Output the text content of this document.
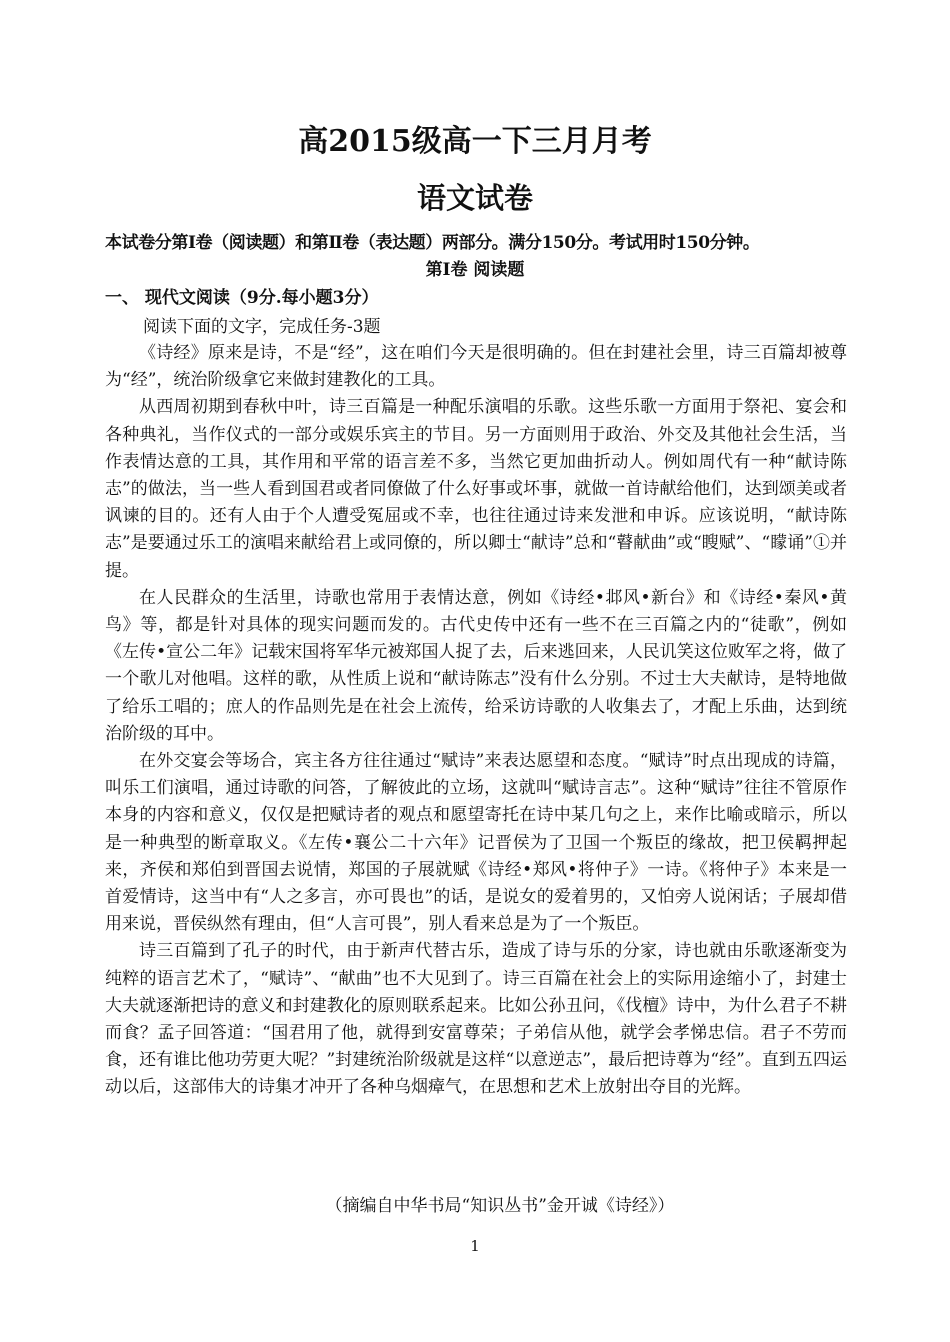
高2015级高一下三月月考
语文试卷
本试卷分第Ⅰ卷（阅读题）和第Ⅱ卷（表达题）两部分。满分150分。考试用时150分钟。
第Ⅰ卷 阅读题
一、 现代文阅读（9分.每小题3分）
阅读下面的文字，完成任务-3题

《诗经》原来是诗，不是“经”，这在咱们今天是很明确的。但在封建社会里，诗三百篇却被尊为“经”，统治阶级拿它来做封建教化的工具。

从西周初期到春秋中叶，诗三百篇是一种配乐演唱的乐歌。这些乐歌一方面用于祭祀、宴会和各种典礼，当作仪式的一部分或娱乐宾主的节目。另一方面则用于政治、外交及其他社会生活，当作表情达意的工具，其作用和平常的语言差不多，当然它更加曲折动人。例如周代有一种“献诗陈志”的做法，当一些人看到国君或者同僚做了什么好事或坏事，就做一首诗献给他们，达到颂美或者讽谏的目的。还有人由于个人遭受冤屈或不幸，也往往通过诗来发泄和申诉。应该说明，“献诗陈志”是要通过乐工的演唱来献给君上或同僚的，所以卿士“献诗”总和“瞽献曲”或“瞍赋”、“矇诵”①并提。

在人民群众的生活里，诗歌也常用于表情达意，例如《诗经•邶风•新台》和《诗经•秦风•黄鸟》等，都是针对具体的现实问题而发的。古代史传中还有一些不在三百篇之内的“徒歌”，例如《左传•宣公二年》记载宋国将军华元被郑国人捉了去，后来逃回来，人民讥笑这位败军之将，做了一个歌儿对他唱。这样的歌，从性质上说和“献诗陈志”没有什么分别。不过士大夫献诗，是特地做了给乐工唱的；庶人的作品则先是在社会上流传，给采访诗歌的人收集去了，才配上乐曲，达到统治阶级的耳中。

在外交宴会等场合，宾主各方往往通过“赋诗”来表达愿望和态度。“赋诗”时点出现成的诗篇，叫乐工们演唱，通过诗歌的问答，了解彼此的立场，这就叫“赋诗言志”。这种“赋诗”往往不管原作本身的内容和意义，仅仅是把赋诗者的观点和愿望寄托在诗中某几句之上，来作比喻或暗示，所以是一种典型的断章取义。《左传•襄公二十六年》记晋侯为了卫国一个叛臣的缘故，把卫侯羁押起来，齐侯和郑伯到晋国去说情，郑国的子展就赋《诗经•郑风•将仲子》一诗。《将仲子》本来是一首爱情诗，这当中有“人之多言，亦可畏也”的话，是说女的爱着男的，又怕旁人说闲话；子展却借用来说，晋侯纵然有理由，但“人言可畏”，别人看来总是为了一个叛臣。

诗三百篇到了孔子的时代，由于新声代替古乐，造成了诗与乐的分家，诗也就由乐歌逐渐变为纯粹的语言艺术了，“赋诗”、“献曲”也不大见到了。诗三百篇在社会上的实际用途缩小了，封建士大夫就逐渐把诗的意义和封建教化的原则联系起来。比如公孙丑问，《伐檀》诗中，为什么君子不耕而食？孟子回答道：“国君用了他，就得到安富尊荣；子弟信从他，就学会孝悌忠信。君子不劳而食，还有谁比他功劳更大呢？”封建统治阶级就是这样“以意逆志”，最后把诗尊为“经”。直到五四运动以后，这部伟大的诗集才冲开了各种乌烟瘴气，在思想和艺术上放射出夺目的光辉。

（摘编自中华书局“知识丛书”金开诚《诗经》）
1
